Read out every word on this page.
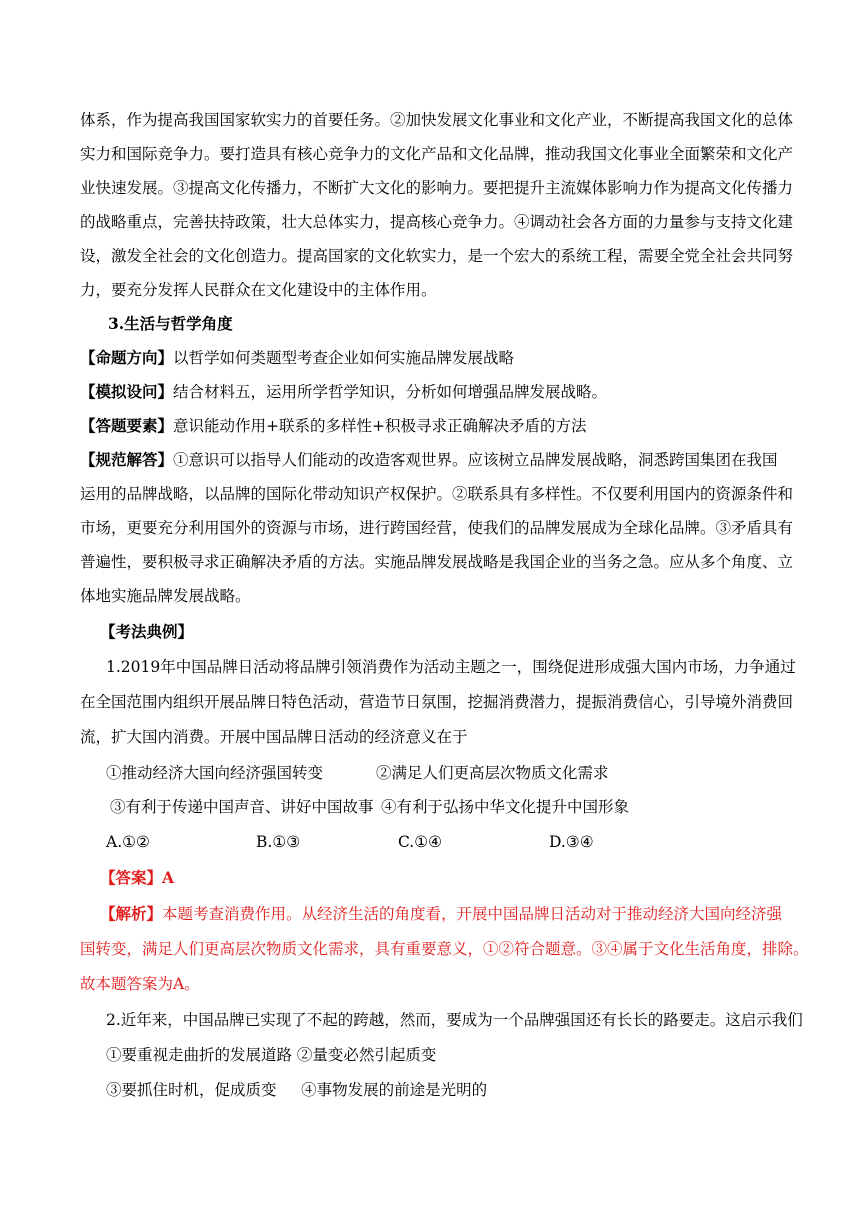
体系，作为提高我国国家软实力的首要任务。②加快发展文化事业和文化产业，不断提高我国文化的总体
实力和国际竞争力。要打造具有核心竞争力的文化产品和文化品牌，推动我国文化事业全面繁荣和文化产
业快速发展。③提高文化传播力，不断扩大文化的影响力。要把提升主流媒体影响力作为提高文化传播力
的战略重点，完善扶持政策，壮大总体实力，提高核心竞争力。④调动社会各方面的力量参与支持文化建
设，激发全社会的文化创造力。提高国家的文化软实力，是一个宏大的系统工程，需要全党全社会共同努
力，要充分发挥人民群众在文化建设中的主体作用。
3.生活与哲学角度
【命题方向】以哲学如何类题型考查企业如何实施品牌发展战略
【模拟设问】结合材料五，运用所学哲学知识，分析如何增强品牌发展战略。
【答题要素】意识能动作用+联系的多样性+积极寻求正确解决矛盾的方法
【规范解答】①意识可以指导人们能动的改造客观世界。应该树立品牌发展战略，洞悉跨国集团在我国
运用的品牌战略，以品牌的国际化带动知识产权保护。②联系具有多样性。不仅要利用国内的资源条件和
市场，更要充分利用国外的资源与市场，进行跨国经营，使我们的品牌发展成为全球化品牌。③矛盾具有
普遍性，要积极寻求正确解决矛盾的方法。实施品牌发展战略是我国企业的当务之急。应从多个角度、立
体地实施品牌发展战略。
【考法典例】
1.2019年中国品牌日活动将品牌引领消费作为活动主题之一，围绕促进形成强大国内市场，力争通过
在全国范围内组织开展品牌日特色活动，营造节日氛围，挖掘消费潜力，提振消费信心，引导境外消费回
流，扩大国内消费。开展中国品牌日活动的经济意义在于
①推动经济大国向经济强国转变	②满足人们更高层次物质文化需求
③有利于传递中国声音、讲好中国故事 ④有利于弘扬中华文化提升中国形象
A.①②	B.①③	C.①④	D.③④
【答案】A
【解析】本题考查消费作用。从经济生活的角度看，开展中国品牌日活动对于推动经济大国向经济强
国转变，满足人们更高层次物质文化需求，具有重要意义，①②符合题意。③④属于文化生活角度，排除。
故本题答案为A。
2.近年来，中国品牌已实现了不起的跨越，然而，要成为一个品牌强国还有长长的路要走。这启示我们
①要重视走曲折的发展道路 ②量变必然引起质变
③要抓住时机，促成质变     ④事物发展的前途是光明的
